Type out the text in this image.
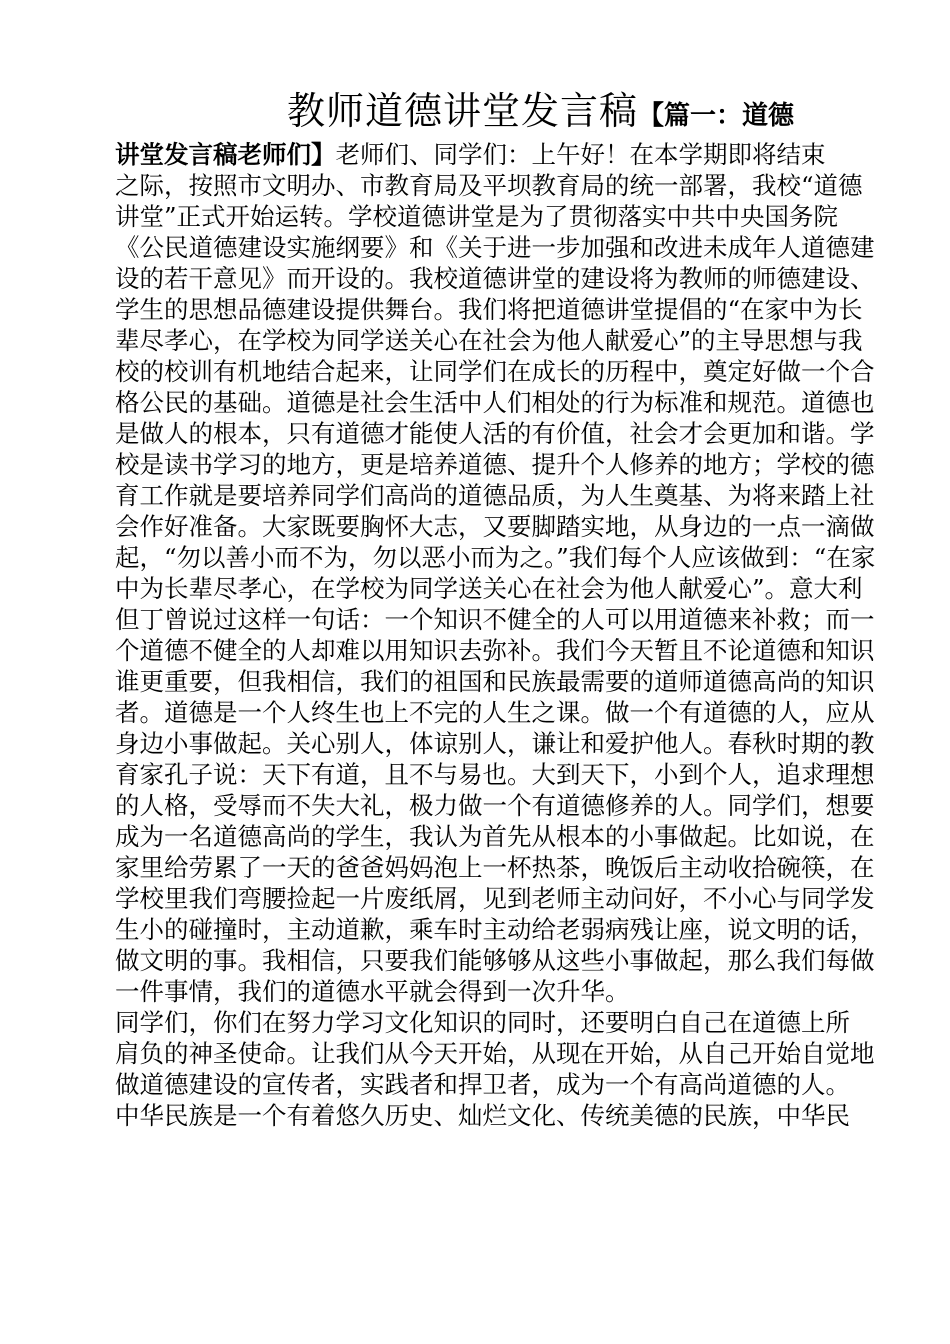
教师道德讲堂发言稿【篇一：道德

讲堂发言稿老师们】老师们、同学们：上午好！在本学期即将结束

之际，按照市文明办、市教育局及平坝教育局的统一部署，我校“道德

讲堂”正式开始运转。学校道德讲堂是为了贯彻落实中共中央国务院

《公民道德建设实施纲要》和《关于进一步加强和改进未成年人道德建

设的若干意见》而开设的。我校道德讲堂的建设将为教师的师德建设、

学生的思想品德建设提供舞台。我们将把道德讲堂提倡的“在家中为长

辈尽孝心，在学校为同学送关心在社会为他人献爱心”的主导思想与我

校的校训有机地结合起来，让同学们在成长的历程中，奠定好做一个合

格公民的基础。道德是社会生活中人们相处的行为标准和规范。道德也

是做人的根本，只有道德才能使人活的有价值，社会才会更加和谐。学

校是读书学习的地方，更是培养道德、提升个人修养的地方；学校的德

育工作就是要培养同学们高尚的道德品质，为人生奠基、为将来踏上社

会作好准备。大家既要胸怀大志，又要脚踏实地，从身边的一点一滴做

起，“勿以善小而不为，勿以恶小而为之。”我们每个人应该做到：“在家

中为长辈尽孝心，在学校为同学送关心在社会为他人献爱心”。意大利

但丁曾说过这样一句话：一个知识不健全的人可以用道德来补救；而一

个道德不健全的人却难以用知识去弥补。我们今天暂且不论道德和知识

谁更重要，但我相信，我们的祖国和民族最需要的道师道德高尚的知识

者。道德是一个人终生也上不完的人生之课。做一个有道德的人，应从

身边小事做起。关心别人，体谅别人，谦让和爱护他人。春秋时期的教

育家孔子说：天下有道，且不与易也。大到天下，小到个人，追求理想

的人格，受辱而不失大礼，极力做一个有道德修养的人。同学们，想要

成为一名道德高尚的学生，我认为首先从根本的小事做起。比如说，在

家里给劳累了一天的爸爸妈妈泡上一杯热茶，晚饭后主动收拾碗筷，在

学校里我们弯腰捡起一片废纸屑，见到老师主动问好，不小心与同学发

生小的碰撞时，主动道歉，乘车时主动给老弱病残让座，说文明的话，

做文明的事。我相信，只要我们能够够从这些小事做起，那么我们每做

一件事情，我们的道德水平就会得到一次升华。

同学们，你们在努力学习文化知识的同时，还要明白自己在道德上所

肩负的神圣使命。让我们从今天开始，从现在开始，从自己开始自觉地

做道德建设的宣传者，实践者和捍卫者，成为一个有高尚道德的人。

中华民族是一个有着悠久历史、灿烂文化、传统美德的民族，中华民
